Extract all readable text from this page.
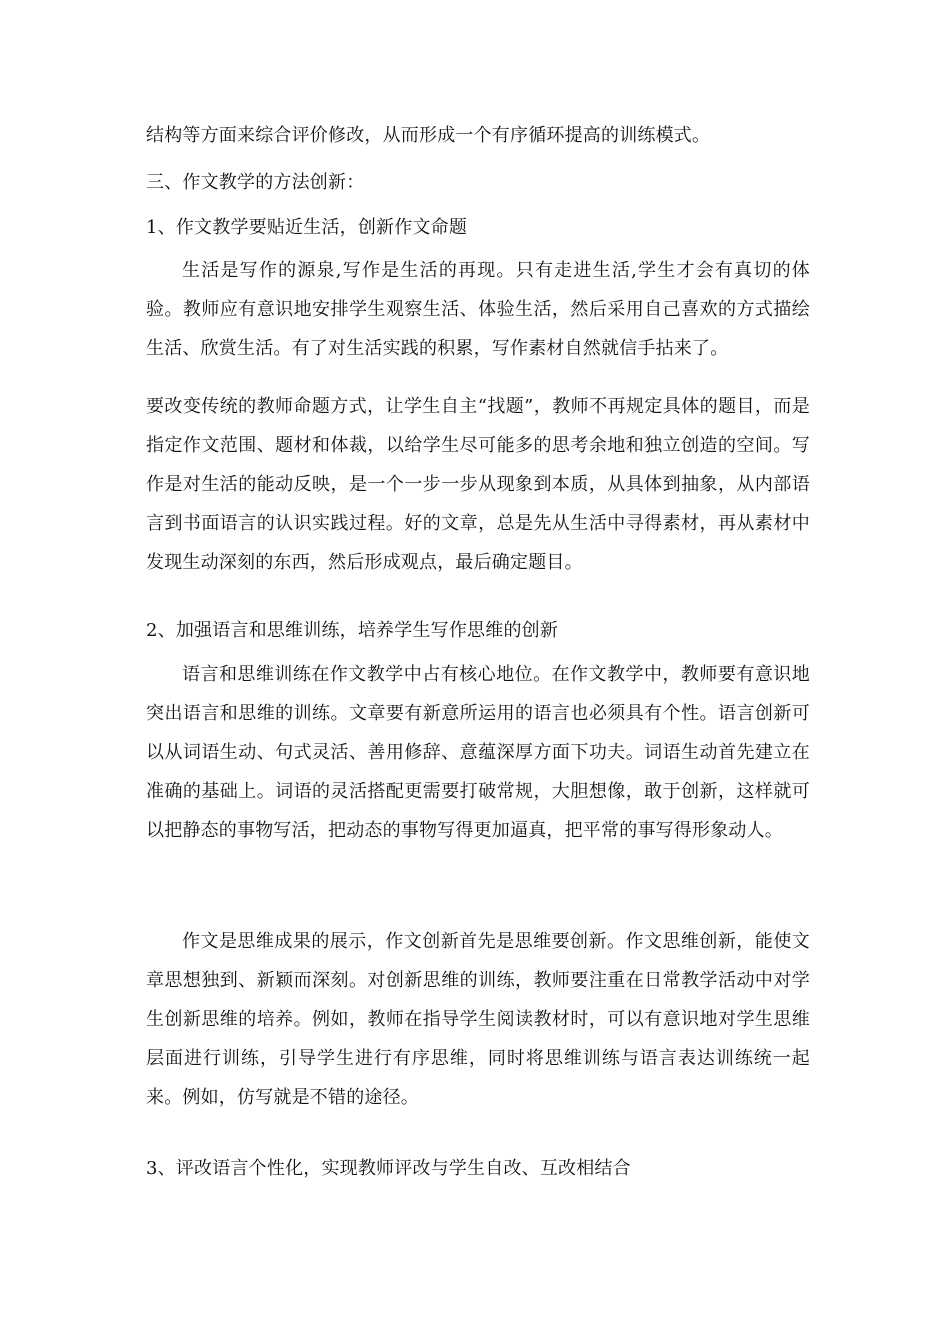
结构等方面来综合评价修改，从而形成一个有序循环提高的训练模式。

三、作文教学的方法创新：

1、作文教学要贴近生活，创新作文命题

生活是写作的源泉,写作是生活的再现。只有走进生活,学生才会有真切的体验。教师应有意识地安排学生观察生活、体验生活，然后采用自己喜欢的方式描绘生活、欣赏生活。有了对生活实践的积累，写作素材自然就信手拈来了。

要改变传统的教师命题方式，让学生自主“找题”，教师不再规定具体的题目，而是指定作文范围、题材和体裁，以给学生尽可能多的思考余地和独立创造的空间。写作是对生活的能动反映，是一个一步一步从现象到本质，从具体到抽象，从内部语言到书面语言的认识实践过程。好的文章，总是先从生活中寻得素材，再从素材中发现生动深刻的东西，然后形成观点，最后确定题目。

2、加强语言和思维训练，培养学生写作思维的创新

语言和思维训练在作文教学中占有核心地位。在作文教学中，教师要有意识地突出语言和思维的训练。文章要有新意所运用的语言也必须具有个性。语言创新可以从词语生动、句式灵活、善用修辞、意蕴深厚方面下功夫。词语生动首先建立在准确的基础上。词语的灵活搭配更需要打破常规，大胆想像，敢于创新，这样就可以把静态的事物写活，把动态的事物写得更加逼真，把平常的事写得形象动人。

作文是思维成果的展示，作文创新首先是思维要创新。作文思维创新，能使文章思想独到、新颖而深刻。对创新思维的训练，教师要注重在日常教学活动中对学生创新思维的培养。例如，教师在指导学生阅读教材时，可以有意识地对学生思维层面进行训练，引导学生进行有序思维，同时将思维训练与语言表达训练统一起来。例如，仿写就是不错的途径。

3、评改语言个性化，实现教师评改与学生自改、互改相结合
